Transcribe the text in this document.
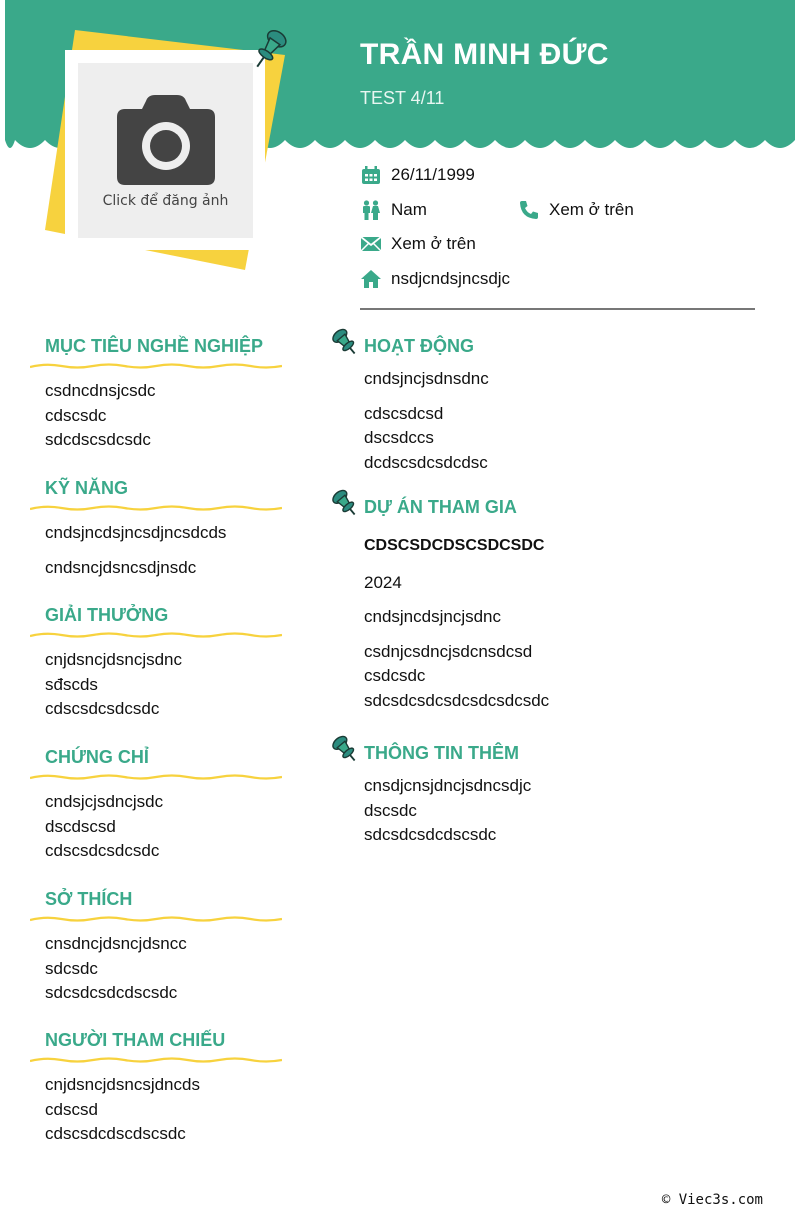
Click để đăng ảnh
TRẦN MINH ĐỨC
TEST 4/11
26/11/1999
Nam	Xem ở trên
Xem ở trên
nsdjcndsjncsdjc
MỤC TIÊU NGHỀ NGHIỆP
csdncdnsjcsdc
cdscsdc
sdcdscsdcsdc
KỸ NĂNG
cndsjncdsjncsdjncsdcds
cndsncjdsncsdjnsdc
GIẢI THƯỞNG
cnjdsncjdsncjsdnc
sđscds
cdscsdcsdcsdc
CHỨNG CHỈ
cndsjcjsdncjsdc
dscdscsd
cdscsdcsdcsdc
SỞ THÍCH
cnsdncjdsncjdsncc
sdcsdc
sdcsdcsdcdscsdc
NGƯỜI THAM CHIẾU
cnjdsncjdsncsjdncds
cdscsd
cdscsdcdscdscsdc
HOẠT ĐỘNG
cndsjncjsdnsdnc
cdscsdcsd
dscsdccs
dcdscsdcsdcdsc
DỰ ÁN THAM GIA
CDSCSDCDSCSDCSDC
2024
cndsjncdsjncjsdnc
csdnjcsdncjsdcnsdcsd
csdcsdc
sdcsdcsdcsdcsdcsdcsdc
THÔNG TIN THÊM
cnsdjcnsjdncjsdncsdjc
dscsdc
sdcsdcsdcdscsdc
© Viec3s.com
